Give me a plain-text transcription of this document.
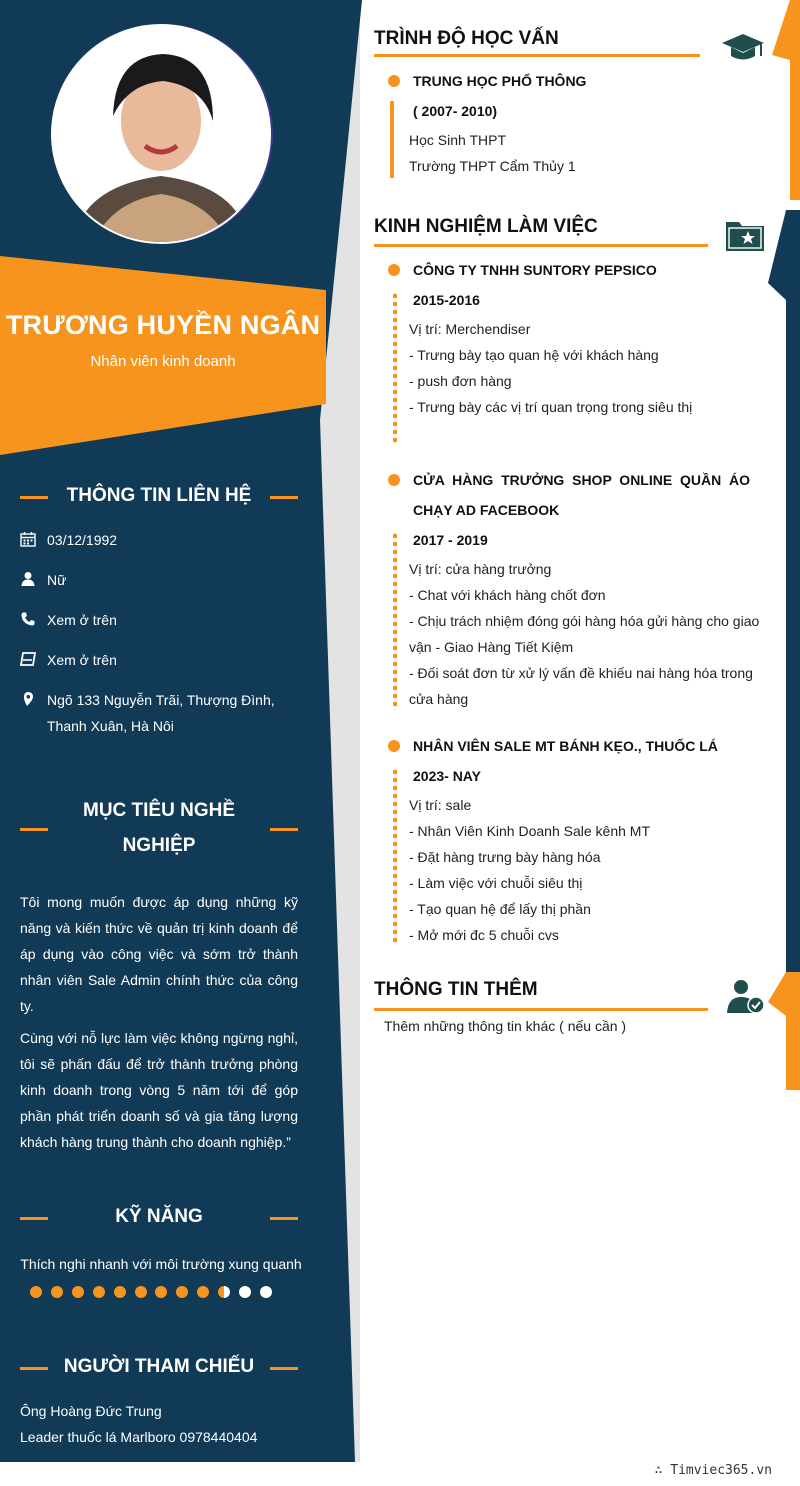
TRƯƠNG HUYỀN NGÂN
Nhân viên kinh doanh
THÔNG TIN LIÊN HỆ
03/12/1992
Nữ
Xem ở trên
Xem ở trên
Ngõ 133 Nguyễn Trãi, Thượng Đình,
Thanh Xuân, Hà Nôi
MỤC TIÊU NGHỀ
NGHIỆP
Tôi mong muốn được áp dụng những kỹ năng và kiến thức về quản trị kinh doanh để áp dụng vào công việc và sớm trở thành nhân viên Sale Admin chính thức của công ty.
Cùng với nỗ lực làm việc không ngừng nghỉ, tôi sẽ phấn đấu để trở thành trưởng phòng kinh doanh trong vòng 5 năm tới để góp phần phát triển doanh số và gia tăng lượng khách hàng trung thành cho doanh nghiệp.”
KỸ NĂNG
Thích nghi nhanh với môi trường xung quanh
NGƯỜI THAM CHIẾU
Ông Hoàng Đức Trung
Leader thuốc lá Marlboro 0978440404
TRÌNH ĐỘ HỌC VẤN
TRUNG HỌC PHỔ THÔNG
( 2007- 2010)
Học Sinh THPT
Trường THPT Cẩm Thủy 1
KINH NGHIỆM LÀM VIỆC
CÔNG TY TNHH SUNTORY PEPSICO
2015-2016
Vị trí: Merchendiser
- Trưng bày tạo quan hệ với khách hàng
- push đơn hàng
- Trưng bày các vị trí quan trọng trong siêu thị
CỬA HÀNG TRƯỞNG SHOP ONLINE QUẦN ÁO
CHẠY AD FACEBOOK
2017 - 2019
Vị trí: cửa hàng trưởng
- Chat với khách hàng chốt đơn
- Chịu trách nhiệm đóng gói hàng hóa gửi hàng cho giao
vận - Giao Hàng Tiết Kiệm
- Đối soát đơn từ xử lý vấn đề khiếu nai hàng hóa trong
cửa hàng
NHÂN VIÊN SALE MT BÁNH KẸO., THUỐC LÁ
2023- NAY
Vị trí: sale
- Nhân Viên Kinh Doanh Sale kênh MT
- Đặt hàng trưng bày hàng hóa
- Làm việc với chuỗi siêu thị
- Tạo quan hệ để lấy thị phần
- Mở mới đc 5 chuỗi cvs
THÔNG TIN THÊM
Thêm những thông tin khác ( nếu cần )
∴ Timviec365.vn
